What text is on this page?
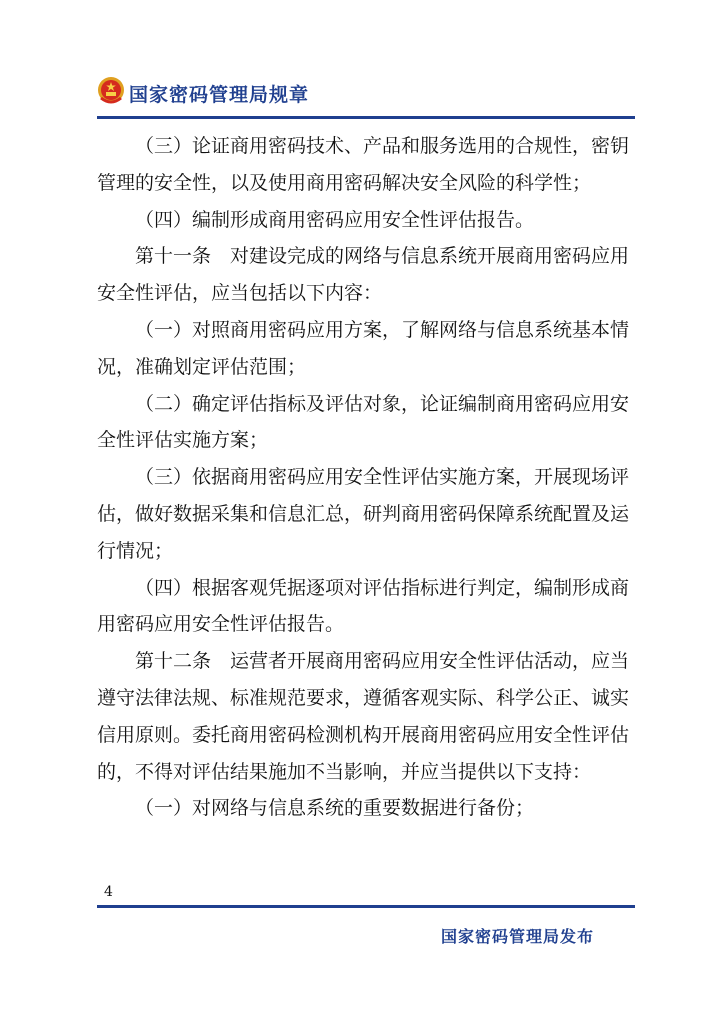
国家密码管理局规章

（三）论证商用密码技术、产品和服务选用的合规性，密钥管理的安全性，以及使用商用密码解决安全风险的科学性；

（四）编制形成商用密码应用安全性评估报告。

第十一条　对建设完成的网络与信息系统开展商用密码应用安全性评估，应当包括以下内容：

（一）对照商用密码应用方案，了解网络与信息系统基本情况，准确划定评估范围；

（二）确定评估指标及评估对象，论证编制商用密码应用安全性评估实施方案；

（三）依据商用密码应用安全性评估实施方案，开展现场评估，做好数据采集和信息汇总，研判商用密码保障系统配置及运行情况；

（四）根据客观凭据逐项对评估指标进行判定，编制形成商用密码应用安全性评估报告。

第十二条　运营者开展商用密码应用安全性评估活动，应当遵守法律法规、标准规范要求，遵循客观实际、科学公正、诚实信用原则。委托商用密码检测机构开展商用密码应用安全性评估的，不得对评估结果施加不当影响，并应当提供以下支持：

（一）对网络与信息系统的重要数据进行备份；

4
国家密码管理局发布
